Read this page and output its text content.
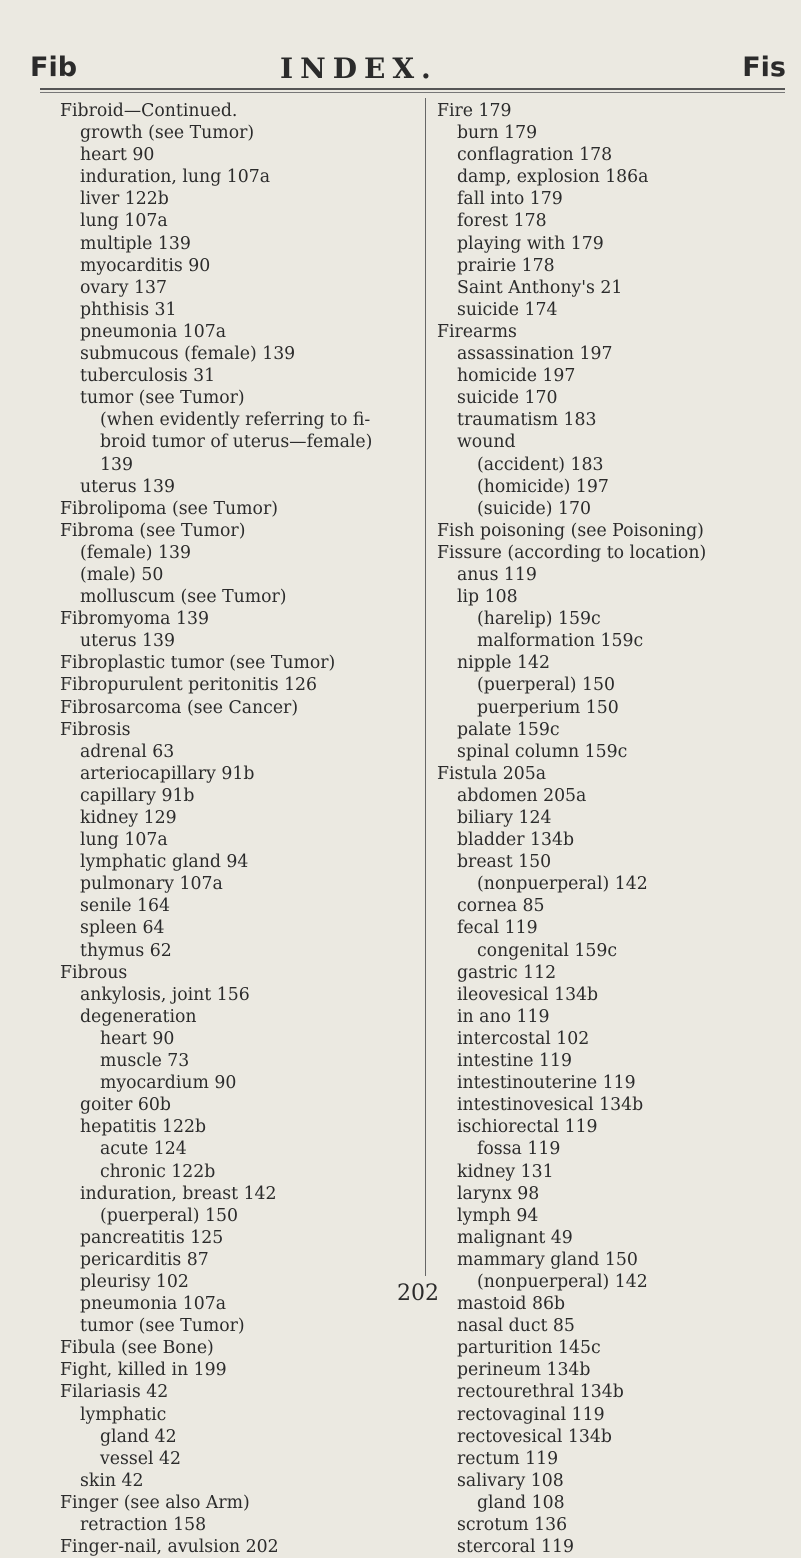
Fib	INDEX.	Fis
Fibroid—Continued.
growth (see Tumor)
heart 90
induration, lung 107a
liver 122b
lung 107a
multiple 139
myocarditis 90
ovary 137
phthisis 31
pneumonia 107a
submucous (female) 139
tuberculosis 31
tumor (see Tumor)
(when evidently referring to fi-
broid tumor of uterus—female)
139
uterus 139
Fibrolipoma (see Tumor)
Fibroma (see Tumor)
(female) 139
(male) 50
molluscum (see Tumor)
Fibromyoma 139
uterus 139
Fibroplastic tumor (see Tumor)
Fibropurulent peritonitis 126
Fibrosarcoma (see Cancer)
Fibrosis
adrenal 63
arteriocapillary 91b
capillary 91b
kidney 129
lung 107a
lymphatic gland 94
pulmonary 107a
senile 164
spleen 64
thymus 62
Fibrous
ankylosis, joint 156
degeneration
heart 90
muscle 73
myocardium 90
goiter 60b
hepatitis 122b
acute 124
chronic 122b
induration, breast 142
(puerperal) 150
pancreatitis 125
pericarditis 87
pleurisy 102
pneumonia 107a
tumor (see Tumor)
Fibula (see Bone)
Fight, killed in 199
Filariasis 42
lymphatic
gland 42
vessel 42
skin 42
Finger (see also Arm)
retraction 158
Finger-nail, avulsion 202
Fire 179
burn 179
conflagration 178
damp, explosion 186a
fall into 179
forest 178
playing with 179
prairie 178
Saint Anthony's 21
suicide 174
Firearms
assassination 197
homicide 197
suicide 170
traumatism 183
wound
(accident) 183
(homicide) 197
(suicide) 170
Fish poisoning (see Poisoning)
Fissure (according to location)
anus 119
lip 108
(harelip) 159c
malformation 159c
nipple 142
(puerperal) 150
puerperium 150
palate 159c
spinal column 159c
Fistula 205a
abdomen 205a
biliary 124
bladder 134b
breast 150
(nonpuerperal) 142
cornea 85
fecal 119
congenital 159c
gastric 112
ileovesical 134b
in ano 119
intercostal 102
intestine 119
intestinouterine 119
intestinovesical 134b
ischiorectal 119
fossa 119
kidney 131
larynx 98
lymph 94
malignant 49
mammary gland 150
(nonpuerperal) 142
mastoid 86b
nasal duct 85
parturition 145c
perineum 134b
rectourethral 134b
rectovaginal 119
rectovesical 134b
rectum 119
salivary 108
gland 108
scrotum 136
stercoral 119
202
